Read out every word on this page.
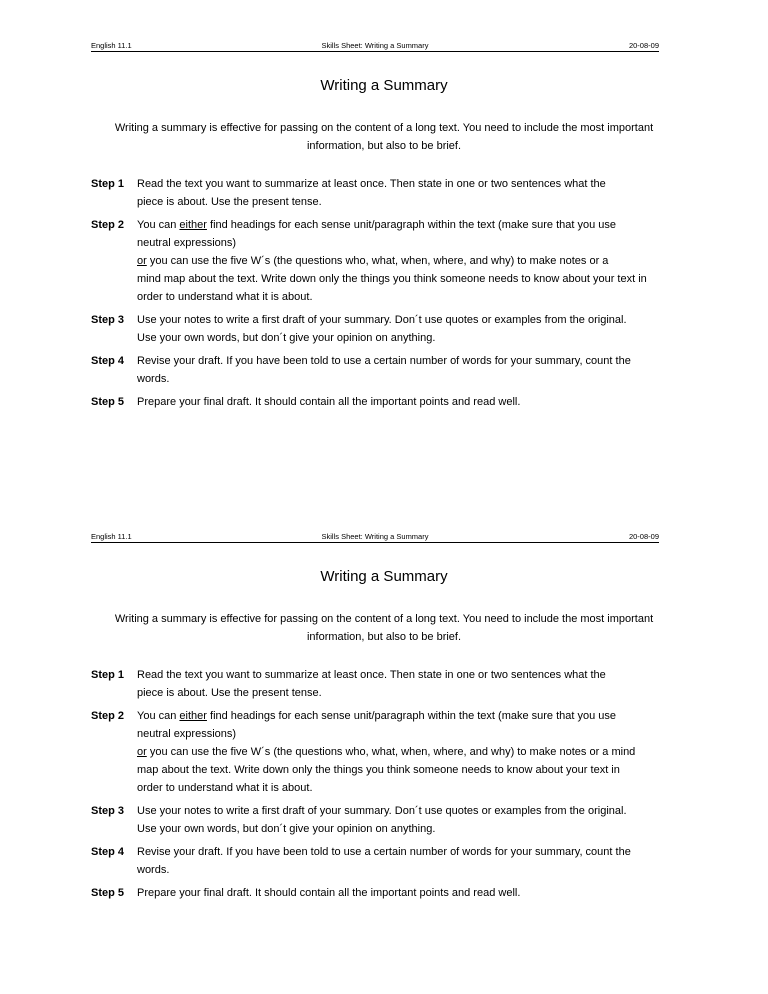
English 11.1	Skills Sheet: Writing a Summary	20-08-09
Writing a Summary
Writing a summary is effective for passing on the content of a long text. You need to include the most important
information, but also to be brief.
Step 1 Read the text you want to summarize at least once. Then state in one or two sentences what the
piece is about. Use the present tense.
Step 2 You can either find headings for each sense unit/paragraph within the text (make sure that you use
neutral expressions)
or you can use the five W´s (the questions who, what, when, where, and why) to make notes or a
mind map about the text. Write down only the things you think someone needs to know about your text in
order to understand what it is about.
Step 3 Use your notes to write a first draft of your summary. Don´t use quotes or examples from the original.
Use your own words, but don´t give your opinion on anything.
Step 4 Revise your draft. If you have been told to use a certain number of words for your summary, count the
words.
Step 5 Prepare your final draft. It should contain all the important points and read well.
English 11.1	Skills Sheet: Writing a Summary	20-08-09
Writing a Summary
Writing a summary is effective for passing on the content of a long text. You need to include the most important
information, but also to be brief.
Step 1 Read the text you want to summarize at least once. Then state in one or two sentences what the
piece is about. Use the present tense.
Step 2 You can either find headings for each sense unit/paragraph within the text (make sure that you use
neutral expressions)
or you can use the five W´s (the questions who, what, when, where, and why) to make notes or a mind
map about the text. Write down only the things you think someone needs to know about your text in
order to understand what it is about.
Step 3 Use your notes to write a first draft of your summary. Don´t use quotes or examples from the original.
Use your own words, but don´t give your opinion on anything.
Step 4 Revise your draft. If you have been told to use a certain number of words for your summary, count the
words.
Step 5 Prepare your final draft. It should contain all the important points and read well.
